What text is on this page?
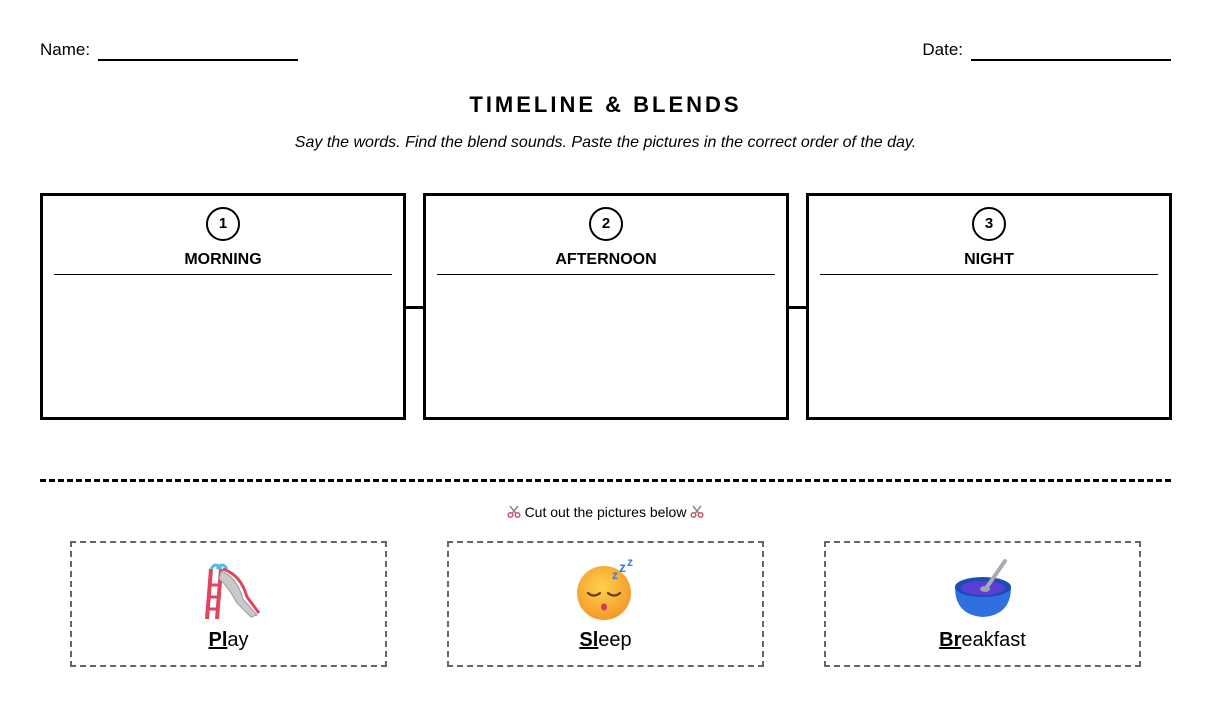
Name:	Date:
TIMELINE & BLENDS
Say the words. Find the blend sounds. Paste the pictures in the correct order of the day.
1
MORNING
2
AFTERNOON
3
NIGHT
Cut out the pictures below
Play
z z z
Sleep	Breakfast
